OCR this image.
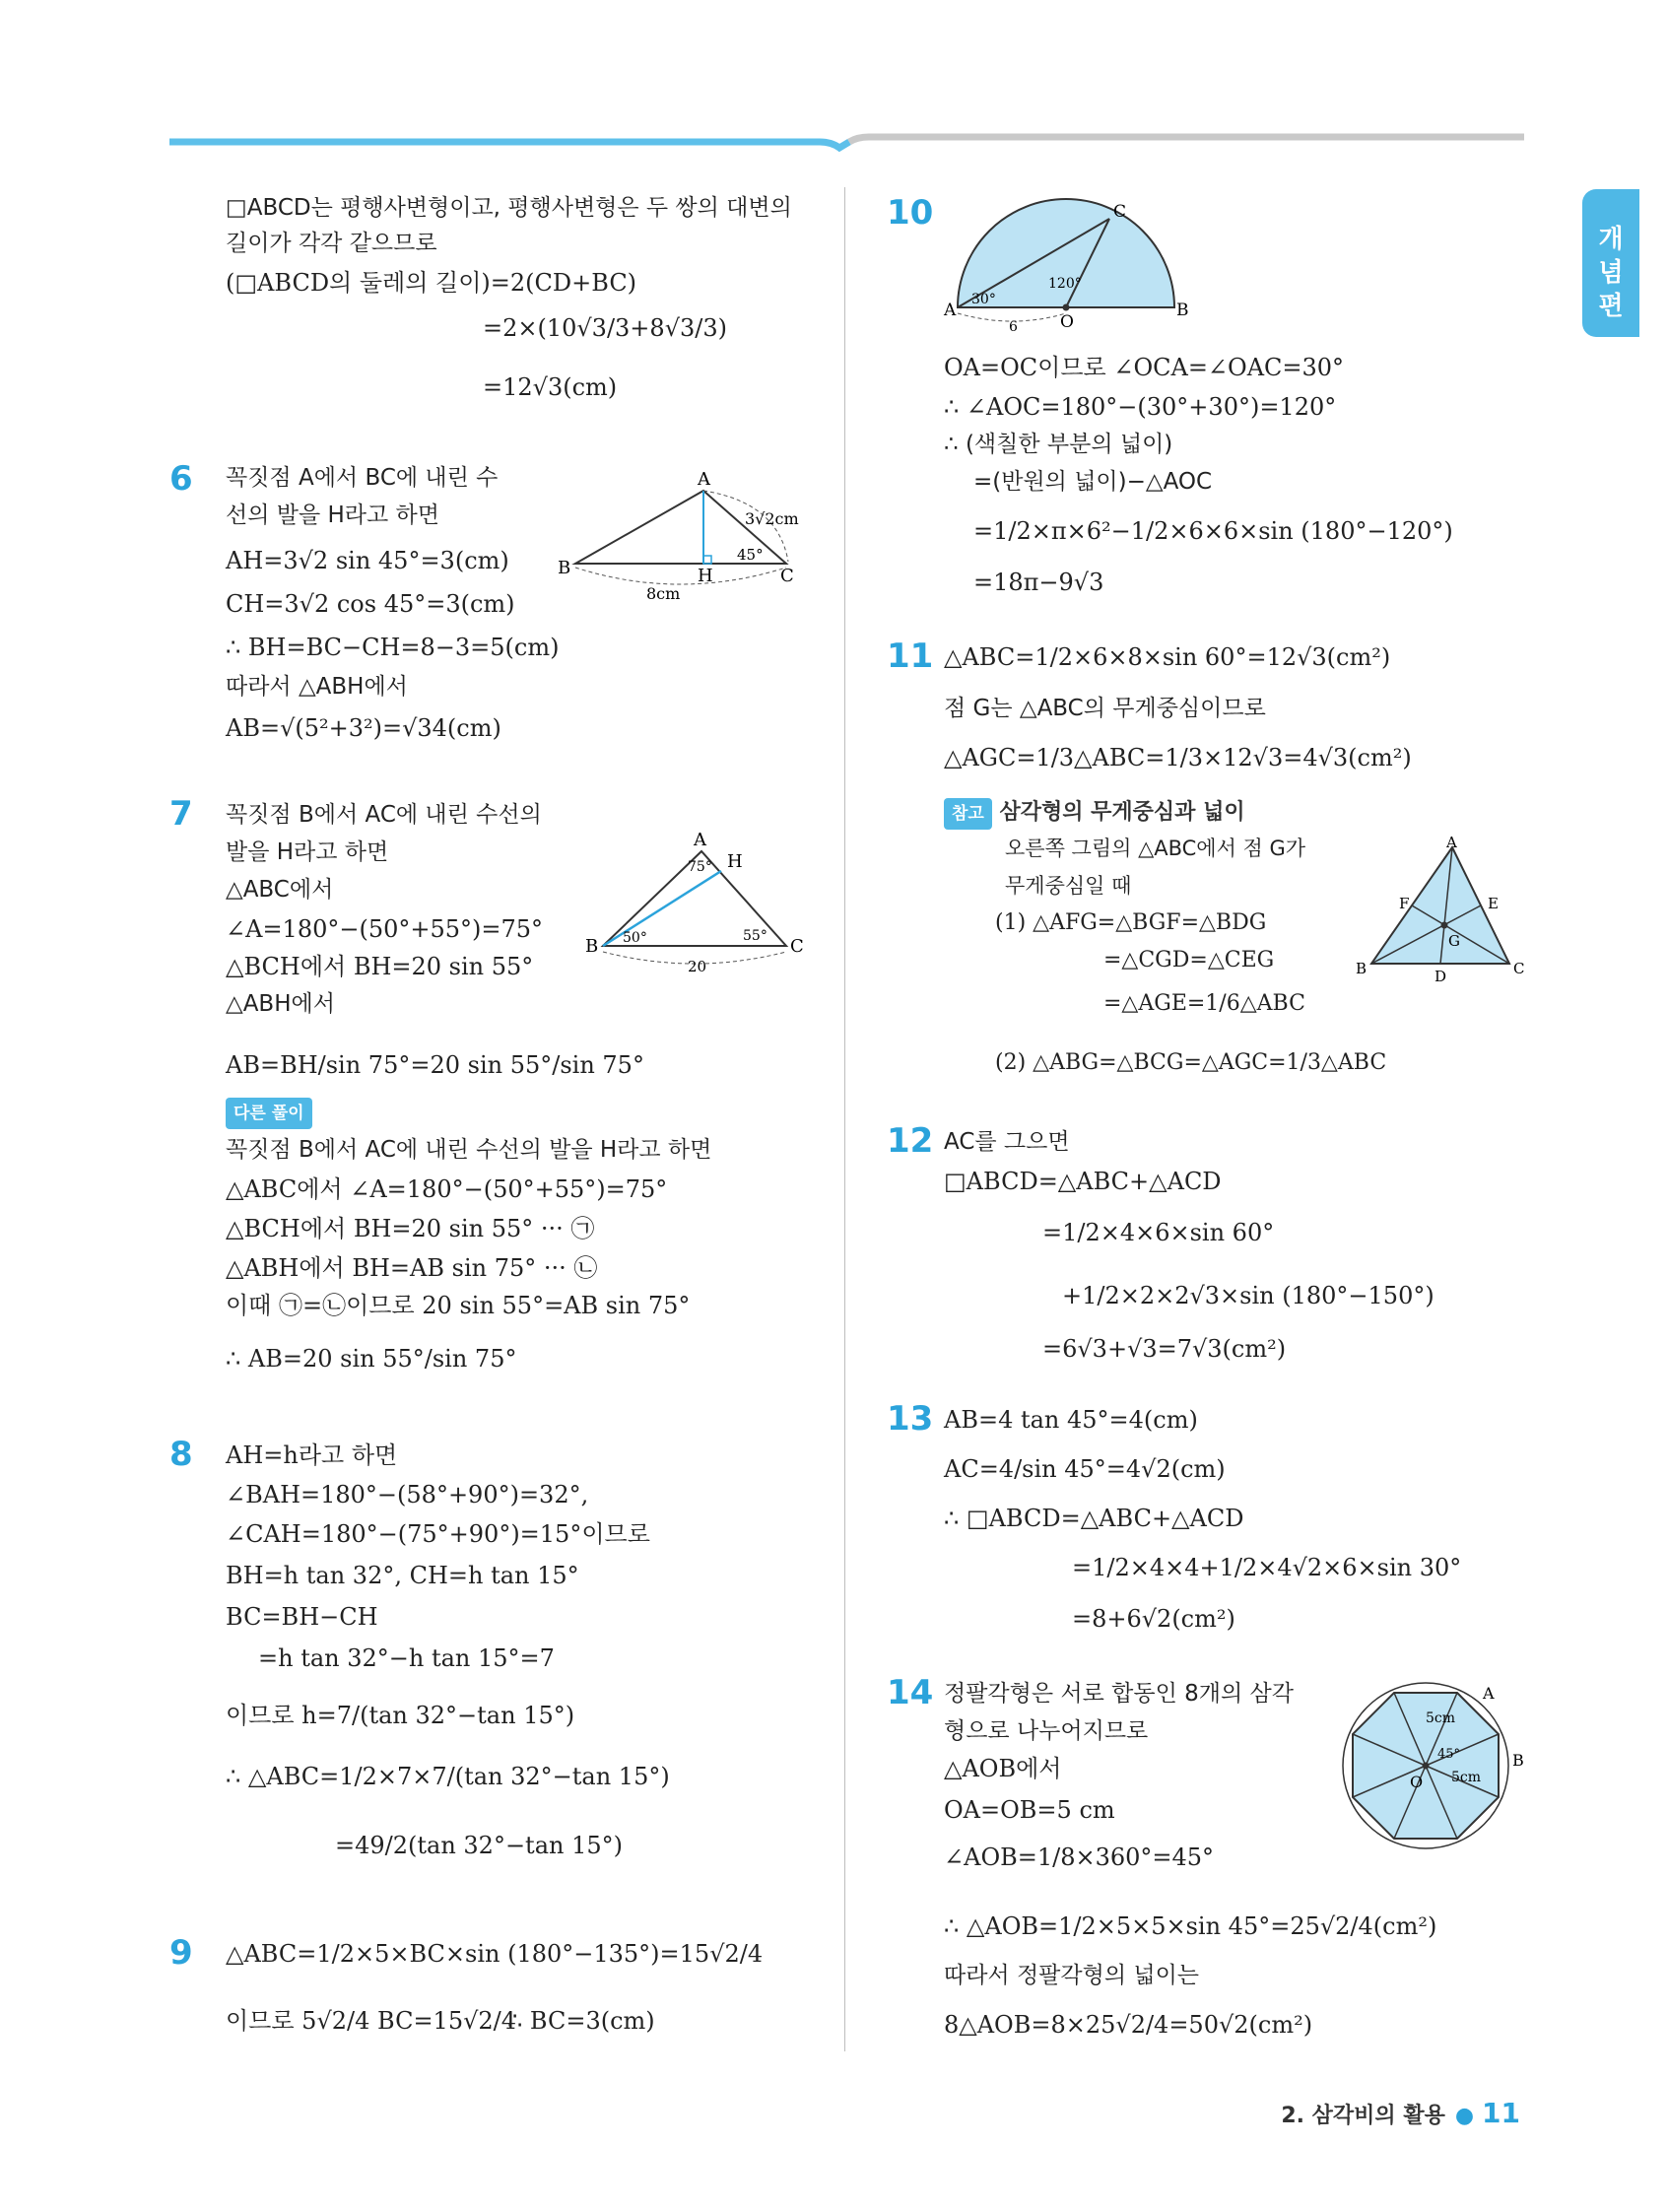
개념편
□ABCD는 평행사변형이고, 평행사변형은 두 쌍의 대변의
길이가 각각 같으므로
(□ABCD의 둘레의 길이)=2(CD+BC)
=2×(10√3/3+8√3/3)
=12√3(cm)
6 꼭짓점 A에서 BC에 내린 수
선의 발을 H라고 하면
AH=3√2 sin 45°=3(cm)
CH=3√2 cos 45°=3(cm)
∴ BH=BC−CH=8−3=5(cm)
따라서 △ABH에서
AB=√(5²+3²)=√34(cm)
A
B	C
H
3√2cm
45°
8cm
7 꼭짓점 B에서 AC에 내린 수선의
발을 H라고 하면
△ABC에서
∠A=180°−(50°+55°)=75°
△BCH에서 BH=20 sin 55°
△ABH에서
AB=BH/sin 75°=20 sin 55°/sin 75°
A
B	C
H
75°
50°	55°
20
다른 풀이
꼭짓점 B에서 AC에 내린 수선의 발을 H라고 하면
△ABC에서 ∠A=180°−(50°+55°)=75°
△BCH에서 BH=20 sin 55° ··· ㉠
△ABH에서 BH=AB sin 75° ··· ㉡
이때 ㉠=㉡이므로 20 sin 55°=AB sin 75°
∴ AB=20 sin 55°/sin 75°
8 AH=h라고 하면
∠BAH=180°−(58°+90°)=32°,
∠CAH=180°−(75°+90°)=15°이므로
BH=h tan 32°, CH=h tan 15°
BC=BH−CH
=h tan 32°−h tan 15°=7
이므로 h=7/(tan 32°−tan 15°)
∴ △ABC=1/2×7×7/(tan 32°−tan 15°)
=49/2(tan 32°−tan 15°)
9 △ABC=1/2×5×BC×sin (180°−135°)=15√2/4
이므로 5√2/4 BC=15√2/4
∴ BC=3(cm)
10	C
A	B
O
30°
120°
6
OA=OC이므로 ∠OCA=∠OAC=30°
∴ ∠AOC=180°−(30°+30°)=120°
∴ (색칠한 부분의 넓이)
=(반원의 넓이)−△AOC
=1/2×π×6²−1/2×6×6×sin (180°−120°)
=18π−9√3
11 △ABC=1/2×6×8×sin 60°=12√3(cm²)
점 G는 △ABC의 무게중심이므로
△AGC=1/3△ABC=1/3×12√3=4√3(cm²)
참고 삼각형의 무게중심과 넓이
오른쪽 그림의 △ABC에서 점 G가
무게중심일 때
(1) △AFG=△BGF=△BDG
=△CGD=△CEG
=△AGE=1/6△ABC
(2) △ABG=△BCG=△AGC=1/3△ABC
A
B	C
D
E
F
G
12 AC를 그으면
□ABCD=△ABC+△ACD
=1/2×4×6×sin 60°
+1/2×2×2√3×sin (180°−150°)
=6√3+√3=7√3(cm²)
13 AB=4 tan 45°=4(cm)
AC=4/sin 45°=4√2(cm)
∴ □ABCD=△ABC+△ACD
=1/2×4×4+1/2×4√2×6×sin 30°
=8+6√2(cm²)
14 정팔각형은 서로 합동인 8개의 삼각
형으로 나누어지므로
△AOB에서
OA=OB=5 cm
∠AOB=1/8×360°=45°
∴ △AOB=1/2×5×5×sin 45°=25√2/4(cm²)
따라서 정팔각형의 넓이는
8△AOB=8×25√2/4=50√2(cm²)
A
B
O
5cm
5cm
45°
2. 삼각비의 활용 ● 11
